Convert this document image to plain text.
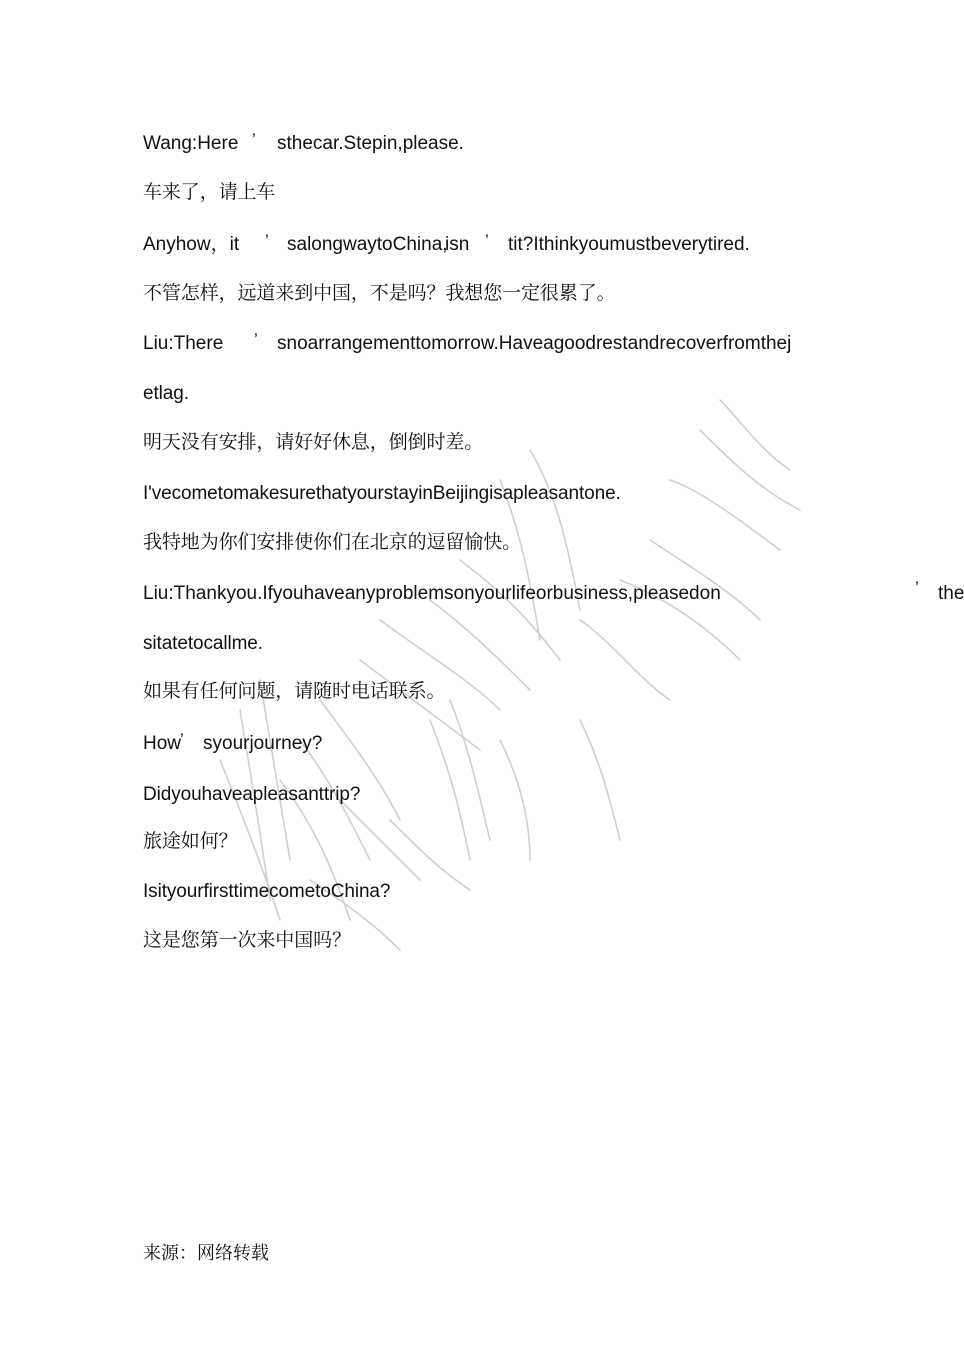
Wang:Here ’ sthecar.Stepin,please.
车来了，请上车
Anyhow，it ’ salongwaytoChina,
isn ’ tit?Ithinkyoumustbeverytired.
不管怎样，远道来到中国，不是吗？我想您一定很累了。
Liu:There ’ snoarrangementtomorrow.Haveagoodrestandrecoverfromthej
etlag.
明天没有安排，请好好休息，倒倒时差。
I'vecometomakesurethatyourstayinBeijingisapleasantone.
我特地为你们安排使你们在北京的逗留愉快。
Liu:Thankyou.Ifyouhaveanyproblemsonyourlifeorbusiness,pleasedon	’ the
sitatetocallme.
如果有任何问题，请随时电话联系。
How
’ syourjourney?
Didyouhaveapleasanttrip?
旅途如何？
IsityourfirsttimecometoChina?
这是您第一次来中国吗？
来源：网络转载
